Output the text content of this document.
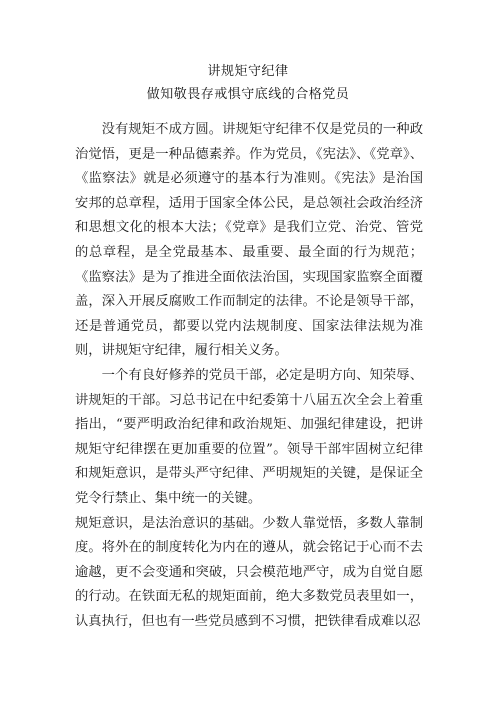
讲规矩守纪律
做知敬畏存戒惧守底线的合格党员

没有规矩不成方圆。讲规矩守纪律不仅是党员的一种政治觉悟，更是一种品德素养。作为党员，《宪法》、《党章》、《监察法》就是必须遵守的基本行为准则。《宪法》是治国安邦的总章程，适用于国家全体公民，是总领社会政治经济和思想文化的根本大法；《党章》是我们立党、治党、管党的总章程，是全党最基本、最重要、最全面的行为规范；《监察法》是为了推进全面依法治国，实现国家监察全面覆盖，深入开展反腐败工作而制定的法律。不论是领导干部，还是普通党员，都要以党内法规制度、国家法律法规为准则，讲规矩守纪律，履行相关义务。

一个有良好修养的党员干部，必定是明方向、知荣辱、讲规矩的干部。习总书记在中纪委第十八届五次全会上着重指出，“要严明政治纪律和政治规矩、加强纪律建设，把讲规矩守纪律摆在更加重要的位置”。领导干部牢固树立纪律和规矩意识，是带头严守纪律、严明规矩的关键，是保证全党令行禁止、集中统一的关键。

规矩意识，是法治意识的基础。少数人靠觉悟，多数人靠制度。将外在的制度转化为内在的遵从，就会铭记于心而不去逾越，更不会变通和突破，只会模范地严守，成为自觉自愿的行动。在铁面无私的规矩面前，绝大多数党员表里如一，认真执行，但也有一些党员感到不习惯，把铁律看成难以忍
